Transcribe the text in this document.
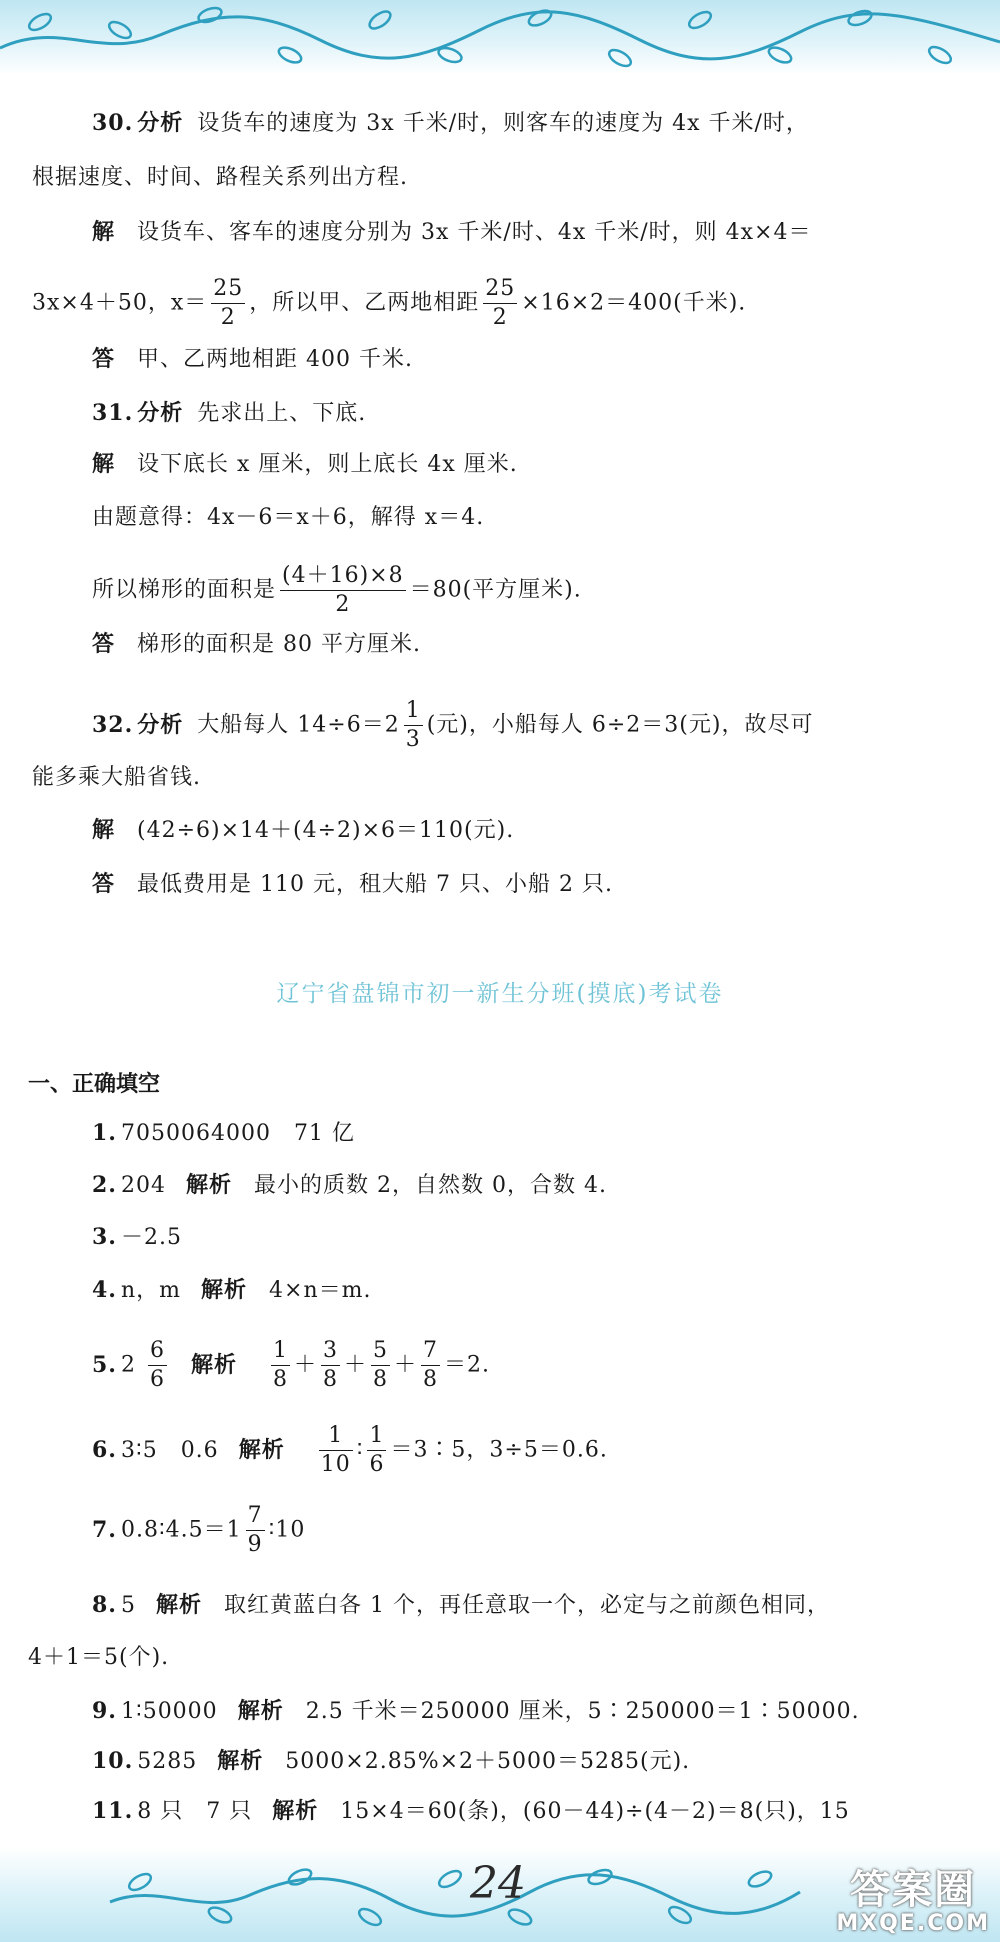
30. 分析 设货车的速度为 3x 千米/时，则客车的速度为 4x 千米/时，
根据速度、时间、路程关系列出方程.
解 设货车、客车的速度分别为 3x 千米/时、4x 千米/时，则 4x×4＝
3x×4＋50，$x= \frac{25}{2}$ ，所以甲、乙两地相距 $\frac{25}{2} \times 16\times 2=400$(千米).
答 甲、乙两地相距 400 千米.
31. 分析 先求出上、下底.
解 设下底长 x 厘米，则上底长 4x 厘米.
由题意得：4x－6＝x＋6，解得 x＝4.
所以梯形的面积是 $\frac{(4+16)\times 8}{2} =80$(平方厘米).
答 梯形的面积是 80 平方厘米.
32. 分析 大船每人 $14\div 6=2 \frac{1}{3}$ (元)，小船每人 6÷2＝3(元)，故尽可
能多乘大船省钱.
解 (42÷6)×14＋(4÷2)×6＝110(元).
答 最低费用是 110 元，租大船 7 只、小船 2 只.
辽宁省盘锦市初一新生分班(摸底)考试卷
一、正确填空
1. 7050064000　71 亿
2. 204 解析 最小的质数 2，自然数 0，合数 4.
3. －2.5
4. n，m 解析 4×n＝m.
5. $2 \frac{6}{6}$ 解析 $\frac{1}{8} + \frac{3}{8} + \frac{5}{8} + \frac{7}{8} =2$.
6. 3∶5　0.6 解析 $\frac{1}{10}$ ∶ $\frac{1}{6}$ ＝3∶5，3÷5＝0.6.
7. 0.8∶4.5＝1 $\frac{7}{9}$ ∶10
8. 5 解析 取红黄蓝白各 1 个，再任意取一个，必定与之前颜色相同，
4＋1＝5(个).
9. 1∶50000 解析 2.5 千米＝250000 厘米，5∶250000＝1∶50000.
10. 5285 解析 5000×2.85%×2＋5000＝5285(元).
11. 8 只　7 只 解析 15×4＝60(条)，(60－44)÷(4－2)＝8(只)，15
24	答案圈
MXQE.COM
